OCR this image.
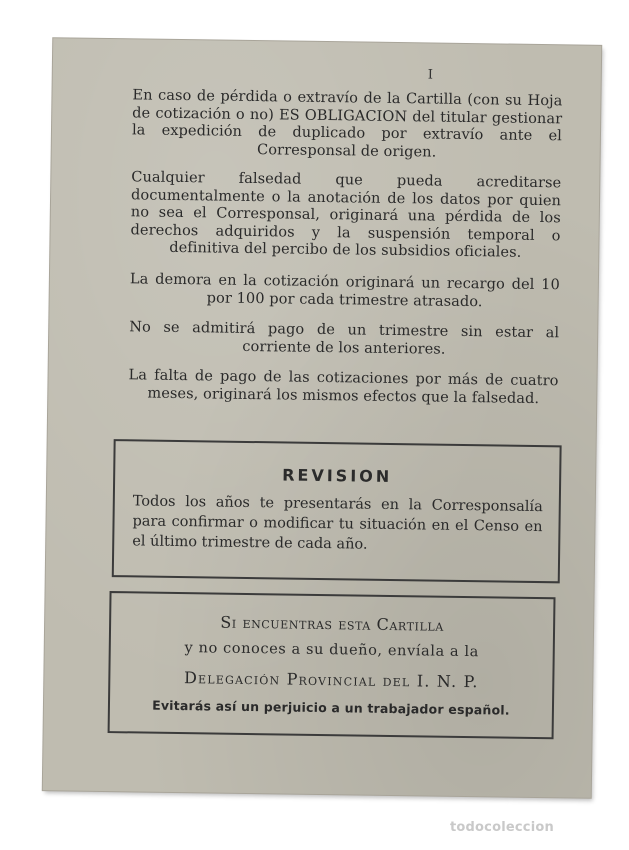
I
En caso de pérdida o extravío de la Cartilla (con su Hoja de cotización o no) ES OBLIGACION del titular gestionar la expedición de duplicado por extravío ante el Corresponsal de origen.
Cualquier falsedad que pueda acreditarse documentalmente o la anotación de los datos por quien no sea el Corresponsal, originará una pérdida de los derechos adquiridos y la suspensión temporal o definitiva del percibo de los subsidios oficiales.
La demora en la cotización originará un recargo del 10 por 100 por cada trimestre atrasado.
No se admitirá pago de un trimestre sin estar al corriente de los anteriores.
La falta de pago de las cotizaciones por más de cuatro meses, originará los mismos efectos que la falsedad.
REVISION
Todos los años te presentarás en la Corresponsalía para confirmar o modificar tu situación en el Censo en el último trimestre de cada año.
Si encuentras esta Cartilla
y no conoces a su dueño, envíala a la
Delegación Provincial del I. N. P.
Evitarás así un perjuicio a un trabajador español.
todocoleccion
